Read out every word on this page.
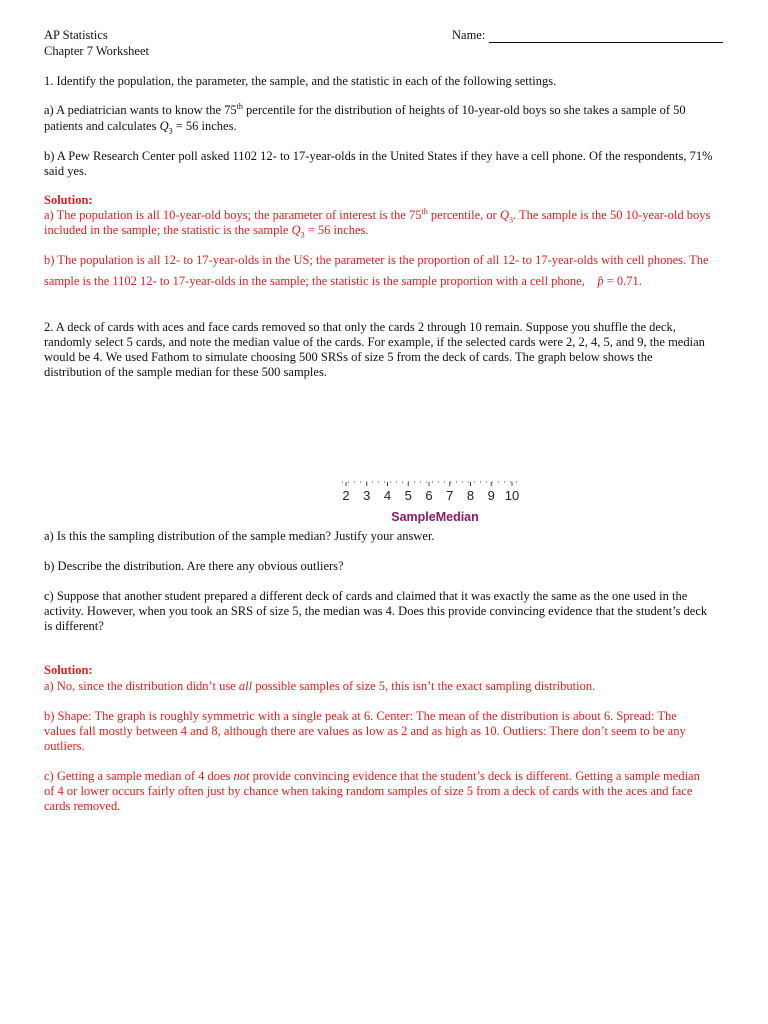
AP Statistics
Chapter 7 Worksheet
Name:
1. Identify the population, the parameter, the sample, and the statistic in each of the following settings.
a) A pediatrician wants to know the 75th percentile for the distribution of heights of 10-year-old boys so she takes a sample of 50
patients and calculates $Q_3 = 56$ inches.
b) A Pew Research Center poll asked 1102 12- to 17-year-olds in the United States if they have a cell phone. Of the respondents, 71%
said yes.
Solution:
a) The population is all 10-year-old boys; the parameter of interest is the 75th percentile, or $Q_3$. The sample is the 50 10-year-old boys
included in the sample; the statistic is the sample $Q_3 = 56$ inches.
b) The population is all 12- to 17-year-olds in the US; the parameter is the proportion of all 12- to 17-year-olds with cell phones. The
sample is the 1102 12- to 17-year-olds in the sample; the statistic is the sample proportion with a cell phone, p̂ = 0.71.
2. A deck of cards with aces and face cards removed so that only the cards 2 through 10 remain. Suppose you shuffle the deck,
randomly select 5 cards, and note the median value of the cards. For example, if the selected cards were 2, 2, 4, 5, and 9, the median
would be 4. We used Fathom to simulate choosing 500 SRSs of size 5 from the deck of cards. The graph below shows the
distribution of the sample median for these 500 samples.
a) Is this the sampling distribution of the sample median? Justify your answer.
b) Describe the distribution. Are there any obvious outliers?
c) Suppose that another student prepared a different deck of cards and claimed that it was exactly the same as the one used in the
activity. However, when you took an SRS of size 5, the median was 4. Does this provide convincing evidence that the student’s deck
is different?
Solution:
a) No, since the distribution didn’t use all possible samples of size 5, this isn’t the exact sampling distribution.
b) Shape: The graph is roughly symmetric with a single peak at 6. Center: The mean of the distribution is about 6. Spread: The
values fall mostly between 4 and 8, although there are values as low as 2 and as high as 10. Outliers: There don’t seem to be any
outliers.
c) Getting a sample median of 4 does not provide convincing evidence that the student’s deck is different. Getting a sample median
of 4 or lower occurs fairly often just by chance when taking random samples of size 5 from a deck of cards with the aces and face
cards removed.
2 3 4 5 6 7 8 9 10
SampleMedian
